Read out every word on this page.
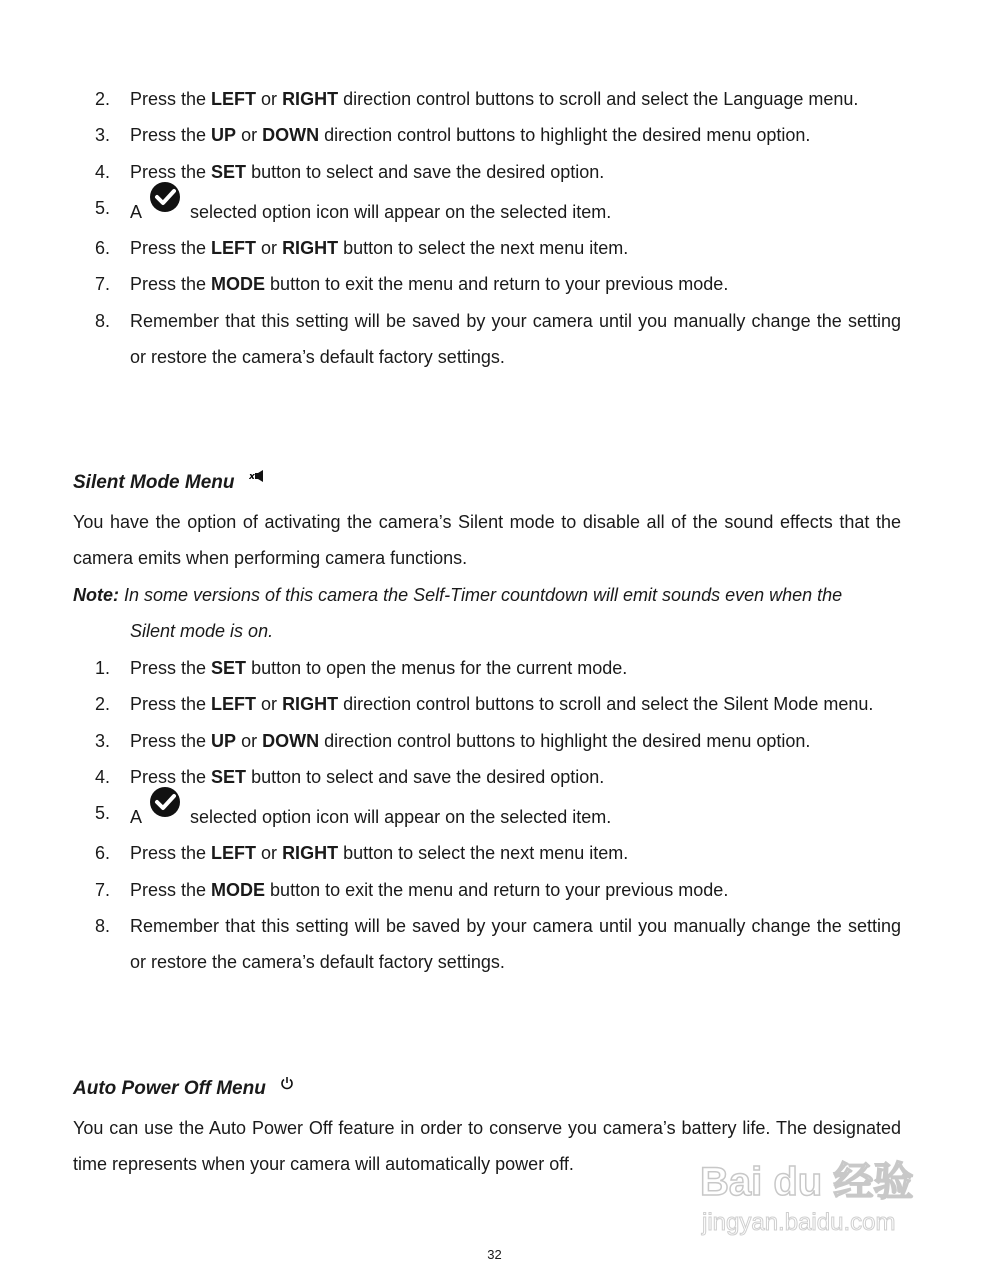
2.	Press the LEFT or RIGHT direction control buttons to scroll and select the Language menu.
3.	Press the UP or DOWN direction control buttons to highlight the desired menu option.
4.	Press the SET button to select and save the desired option.
5.	A	selected option icon will appear on the selected item.
6.	Press the LEFT or RIGHT button to select the next menu item.
7.	Press the MODE button to exit the menu and return to your previous mode.
8.	Remember that this setting will be saved by your camera until you manually change the setting or restore the camera’s default factory settings.
Silent Mode Menu x
You have the option of activating the camera’s Silent mode to disable all of the sound effects that the camera emits when performing camera functions.
Note: In some versions of this camera the Self-Timer countdown will emit sounds even when the
Silent mode is on.
1.	Press the SET button to open the menus for the current mode.
2.	Press the LEFT or RIGHT direction control buttons to scroll and select the Silent Mode menu.
3.	Press the UP or DOWN direction control buttons to highlight the desired menu option.
4.	Press the SET button to select and save the desired option.
5.	A	selected option icon will appear on the selected item.
6.	Press the LEFT or RIGHT button to select the next menu item.
7.	Press the MODE button to exit the menu and return to your previous mode.
8.	Remember that this setting will be saved by your camera until you manually change the setting or restore the camera’s default factory settings.
Auto Power Off Menu
You can use the Auto Power Off feature in order to conserve you camera’s battery life. The designated time represents when your camera will automatically power off.	Bai du 经验
jingyan.baidu.com
32
